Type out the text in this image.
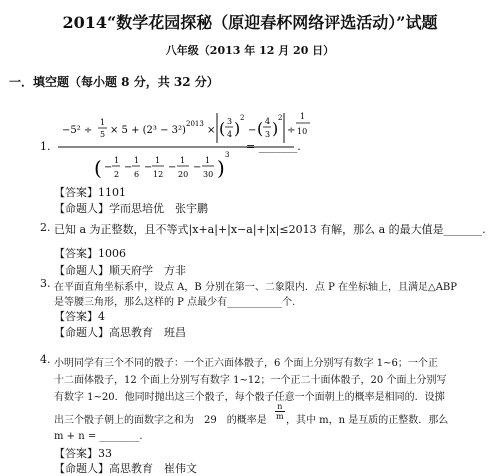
2014“数学花园探秘（原迎春杯网络评选活动）”试题
八年级（2013 年 12 月 20 日）
一．填空题（每小题 8 分，共 32 分）
1.
−5² ÷
1
5 × 5 + (2³ − 3²)
2013
× ( 3
4 )
2
− ( 4
3 )
2
÷
( −
1
2
−
1
6
−
1
12
−
1
20
−
1
30 )
3
1
10
= _______.
【答案】1101
【命题人】学而思培优　张宇鹏
2. 已知 a 为正整数，且不等式|x+a|+|x−a|+|x|≤2013 有解，那么 a 的最大值是_______.
【答案】1006
【命题人】顺天府学　方非
3. 在平面直角坐标系中，设点 A，B 分别在第一、二象限内．点 P 在坐标轴上，且满足△ABP
是等腰三角形，那么这样的 P 点最少有___________个.
【答案】4
【命题人】高思教育　班昌
4. 小明同学有三个不同的骰子：一个正六面体骰子，6 个面上分别写有数字 1~6；一个正
十二面体骰子，12 个面上分别写有数字 1~12；一个正二十面体骰子，20 个面上分别写
有数字 1~20．他同时抛出这三个骰子，每个骰子任意一个面朝上的概率是相同的．设掷
出三个骰子朝上的面数字之和为　29　的概率是 $\frac{n}{m}$ ，其中 m，n 是互质的正整数．那么
m + n = ________.
【答案】33
【命题人】高思教育　崔伟文
